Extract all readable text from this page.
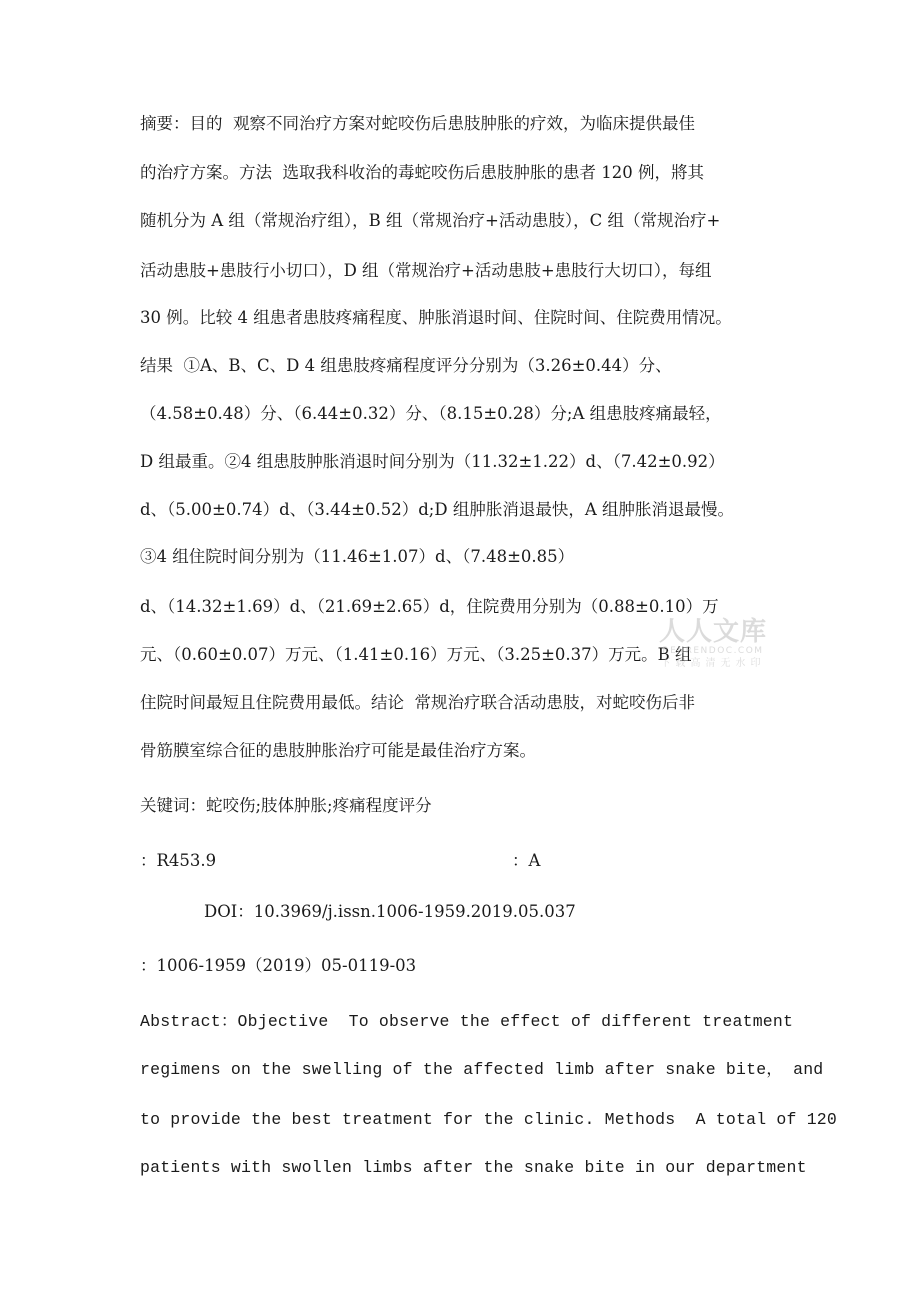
摘要：目的  观察不同治疗方案对蛇咬伤后患肢肿胀的疗效，为临床提供最佳
的治疗方案。方法  选取我科收治的毒蛇咬伤后患肢肿胀的患者 120 例，將其
随机分为 A 组（常规治疗组），B 组（常规治疗+活动患肢），C 组（常规治疗+
活动患肢+患肢行小切口），D 组（常规治疗+活动患肢+患肢行大切口），每组
30 例。比较 4 组患者患肢疼痛程度、肿胀消退时间、住院时间、住院费用情况。
结果  ①A、B、C、D 4 组患肢疼痛程度评分分别为（3.26±0.44）分、
（4.58±0.48）分、（6.44±0.32）分、（8.15±0.28）分;A 组患肢疼痛最轻，
D 组最重。②4 组患肢肿胀消退时间分别为（11.32±1.22）d、（7.42±0.92）
d、（5.00±0.74）d、（3.44±0.52）d;D 组肿胀消退最快，A 组肿胀消退最慢。
③4 组住院时间分别为（11.46±1.07）d、（7.48±0.85）
d、（14.32±1.69）d、（21.69±2.65）d，住院费用分别为（0.88±0.10）万
元、（0.60±0.07）万元、（1.41±0.16）万元、（3.25±0.37）万元。B 组
住院时间最短且住院费用最低。结论  常规治疗联合活动患肢，对蛇咬伤后非
骨筋膜室综合征的患肢肿胀治疗可能是最佳治疗方案。
关键词：蛇咬伤;肢体肿胀;疼痛程度评分
：R453.9	：A
DOI：10.3969/j.issn.1006-1959.2019.05.037
：1006-1959（2019）05-0119-03
Abstract：Objective  To observe the effect of different treatment
regimens on the swelling of the affected limb after snake bite， and
to provide the best treatment for the clinic. Methods  A total of 120
patients with swollen limbs after the snake bite in our department
人人文库
RENRENDOC.COM
下载高清无水印
